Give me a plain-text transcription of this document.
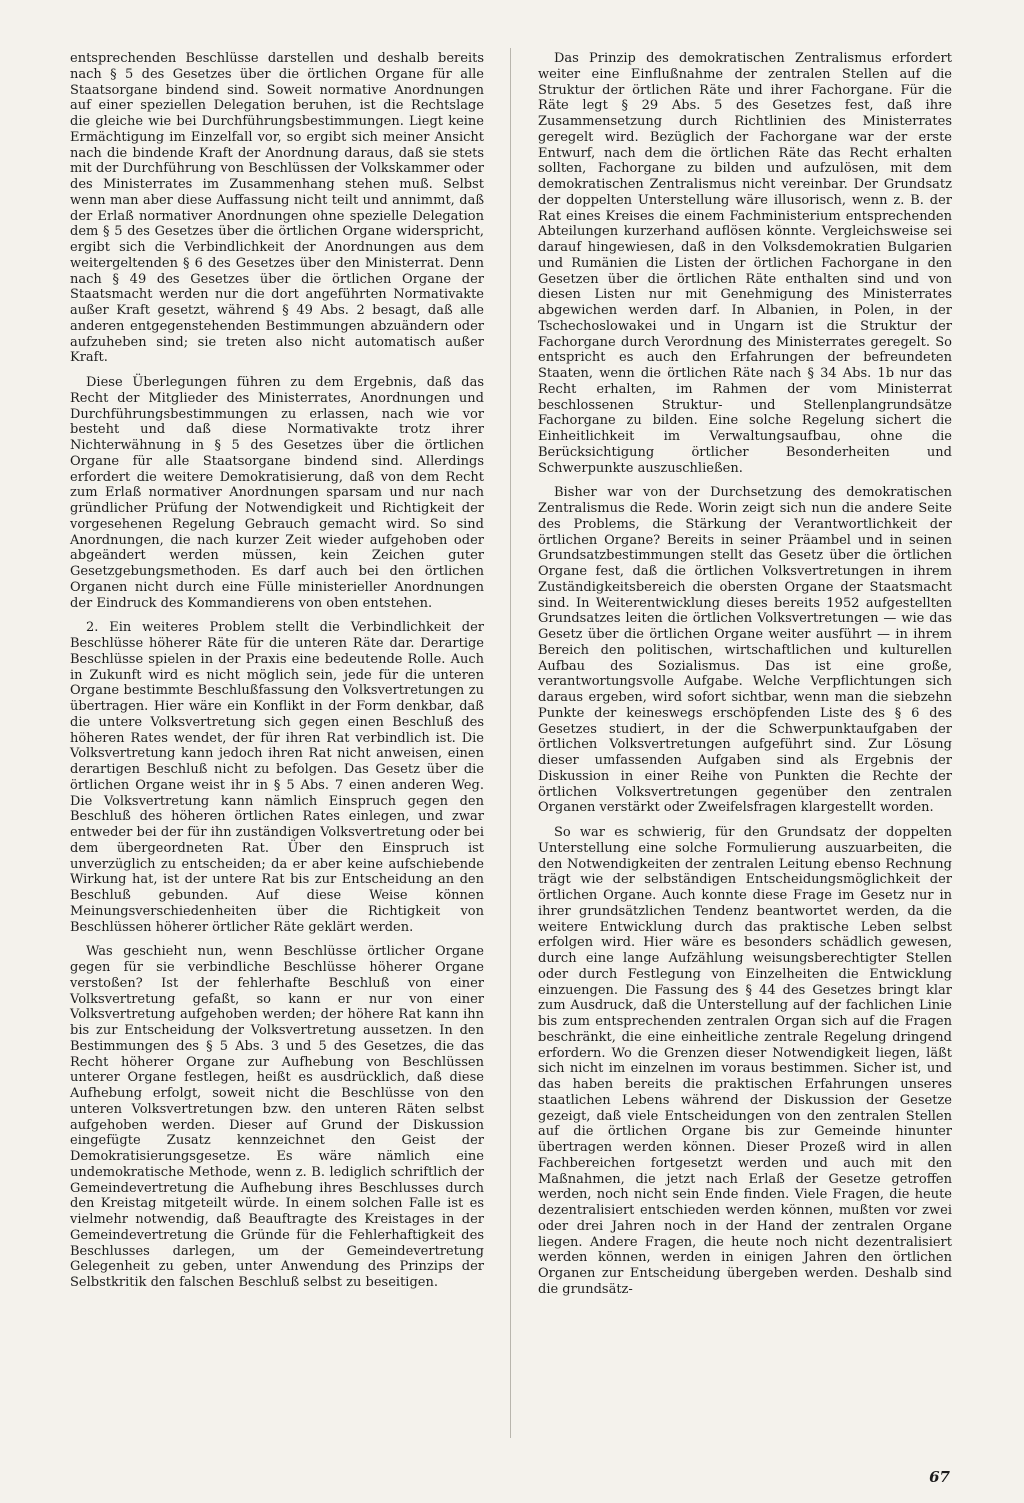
entsprechenden Beschlüsse darstellen und deshalb bereits nach § 5 des Gesetzes über die örtlichen Organe für alle Staatsorgane bindend sind. Soweit normative Anordnungen auf einer speziellen Delegation beruhen, ist die Rechtslage die gleiche wie bei Durchführungsbestimmungen. Liegt keine Ermächtigung im Einzelfall vor, so ergibt sich meiner Ansicht nach die bindende Kraft der Anordnung daraus, daß sie stets mit der Durchführung von Beschlüssen der Volkskammer oder des Ministerrates im Zusammenhang stehen muß. Selbst wenn man aber diese Auffassung nicht teilt und annimmt, daß der Erlaß normativer Anordnungen ohne spezielle Delegation dem § 5 des Gesetzes über die örtlichen Organe widerspricht, ergibt sich die Verbindlichkeit der Anordnungen aus dem weitergeltenden § 6 des Gesetzes über den Ministerrat. Denn nach § 49 des Gesetzes über die örtlichen Organe der Staatsmacht werden nur die dort angeführten Normativakte außer Kraft gesetzt, während § 49 Abs. 2 besagt, daß alle anderen entgegenstehenden Bestimmungen abzuändern oder aufzuheben sind; sie treten also nicht automatisch außer Kraft.

Diese Überlegungen führen zu dem Ergebnis, daß das Recht der Mitglieder des Ministerrates, Anordnungen und Durchführungsbestimmungen zu erlassen, nach wie vor besteht und daß diese Normativakte trotz ihrer Nichterwähnung in § 5 des Gesetzes über die örtlichen Organe für alle Staatsorgane bindend sind. Allerdings erfordert die weitere Demokratisierung, daß von dem Recht zum Erlaß normativer Anordnungen sparsam und nur nach gründlicher Prüfung der Notwendigkeit und Richtigkeit der vorgesehenen Regelung Gebrauch gemacht wird. So sind Anordnungen, die nach kurzer Zeit wieder aufgehoben oder abgeändert werden müssen, kein Zeichen guter Gesetzgebungsmethoden. Es darf auch bei den örtlichen Organen nicht durch eine Fülle ministerieller Anordnungen der Eindruck des Kommandierens von oben entstehen.

2. Ein weiteres Problem stellt die Verbindlichkeit der Beschlüsse höherer Räte für die unteren Räte dar. Derartige Beschlüsse spielen in der Praxis eine bedeutende Rolle. Auch in Zukunft wird es nicht möglich sein, jede für die unteren Organe bestimmte Beschlußfassung den Volksvertretungen zu übertragen. Hier wäre ein Konflikt in der Form denkbar, daß die untere Volksvertretung sich gegen einen Beschluß des höheren Rates wendet, der für ihren Rat verbindlich ist. Die Volksvertretung kann jedoch ihren Rat nicht anweisen, einen derartigen Beschluß nicht zu befolgen. Das Gesetz über die örtlichen Organe weist ihr in § 5 Abs. 7 einen anderen Weg. Die Volksvertretung kann nämlich Einspruch gegen den Beschluß des höheren örtlichen Rates einlegen, und zwar entweder bei der für ihn zuständigen Volksvertretung oder bei dem übergeordneten Rat. Über den Einspruch ist unverzüglich zu entscheiden; da er aber keine aufschiebende Wirkung hat, ist der untere Rat bis zur Entscheidung an den Beschluß gebunden. Auf diese Weise können Meinungsverschiedenheiten über die Richtigkeit von Beschlüssen höherer örtlicher Räte geklärt werden.

Was geschieht nun, wenn Beschlüsse örtlicher Organe gegen für sie verbindliche Beschlüsse höherer Organe verstoßen? Ist der fehlerhafte Beschluß von einer Volksvertretung gefaßt, so kann er nur von einer Volksvertretung aufgehoben werden; der höhere Rat kann ihn bis zur Entscheidung der Volksvertretung aussetzen. In den Bestimmungen des § 5 Abs. 3 und 5 des Gesetzes, die das Recht höherer Organe zur Aufhebung von Beschlüssen unterer Organe festlegen, heißt es ausdrücklich, daß diese Aufhebung erfolgt, soweit nicht die Beschlüsse von den unteren Volksvertretungen bzw. den unteren Räten selbst aufgehoben werden. Dieser auf Grund der Diskussion eingefügte Zusatz kennzeichnet den Geist der Demokratisierungsgesetze. Es wäre nämlich eine undemokratische Methode, wenn z. B. lediglich schriftlich der Gemeindevertretung die Aufhebung ihres Beschlusses durch den Kreistag mitgeteilt würde. In einem solchen Falle ist es vielmehr notwendig, daß Beauftragte des Kreistages in der Gemeindevertretung die Gründe für die Fehlerhaftigkeit des Beschlusses darlegen, um der Gemeindevertretung Gelegenheit zu geben, unter Anwendung des Prinzips der Selbstkritik den falschen Beschluß selbst zu beseitigen.

Das Prinzip des demokratischen Zentralismus erfordert weiter eine Einflußnahme der zentralen Stellen auf die Struktur der örtlichen Räte und ihrer Fachorgane. Für die Räte legt § 29 Abs. 5 des Gesetzes fest, daß ihre Zusammensetzung durch Richtlinien des Ministerrates geregelt wird. Bezüglich der Fachorgane war der erste Entwurf, nach dem die örtlichen Räte das Recht erhalten sollten, Fachorgane zu bilden und aufzulösen, mit dem demokratischen Zentralismus nicht vereinbar. Der Grundsatz der doppelten Unterstellung wäre illusorisch, wenn z. B. der Rat eines Kreises die einem Fachministerium entsprechenden Abteilungen kurzerhand auflösen könnte. Vergleichsweise sei darauf hingewiesen, daß in den Volksdemokratien Bulgarien und Rumänien die Listen der örtlichen Fachorgane in den Gesetzen über die örtlichen Räte enthalten sind und von diesen Listen nur mit Genehmigung des Ministerrates abgewichen werden darf. In Albanien, in Polen, in der Tschechoslowakei und in Ungarn ist die Struktur der Fachorgane durch Verordnung des Ministerrates geregelt. So entspricht es auch den Erfahrungen der befreundeten Staaten, wenn die örtlichen Räte nach § 34 Abs. 1b nur das Recht erhalten, im Rahmen der vom Ministerrat beschlossenen Struktur- und Stellenplangrundsätze Fachorgane zu bilden. Eine solche Regelung sichert die Einheitlichkeit im Verwaltungsaufbau, ohne die Berücksichtigung örtlicher Besonderheiten und Schwerpunkte auszuschließen.

Bisher war von der Durchsetzung des demokratischen Zentralismus die Rede. Worin zeigt sich nun die andere Seite des Problems, die Stärkung der Verantwortlichkeit der örtlichen Organe? Bereits in seiner Präambel und in seinen Grundsatzbestimmungen stellt das Gesetz über die örtlichen Organe fest, daß die örtlichen Volksvertretungen in ihrem Zuständigkeitsbereich die obersten Organe der Staatsmacht sind. In Weiterentwicklung dieses bereits 1952 aufgestellten Grundsatzes leiten die örtlichen Volksvertretungen — wie das Gesetz über die örtlichen Organe weiter ausführt — in ihrem Bereich den politischen, wirtschaftlichen und kulturellen Aufbau des Sozialismus. Das ist eine große, verantwortungsvolle Aufgabe. Welche Verpflichtungen sich daraus ergeben, wird sofort sichtbar, wenn man die siebzehn Punkte der keineswegs erschöpfenden Liste des § 6 des Gesetzes studiert, in der die Schwerpunktaufgaben der örtlichen Volksvertretungen aufgeführt sind. Zur Lösung dieser umfassenden Aufgaben sind als Ergebnis der Diskussion in einer Reihe von Punkten die Rechte der örtlichen Volksvertretungen gegenüber den zentralen Organen verstärkt oder Zweifelsfragen klargestellt worden.

So war es schwierig, für den Grundsatz der doppelten Unterstellung eine solche Formulierung auszuarbeiten, die den Notwendigkeiten der zentralen Leitung ebenso Rechnung trägt wie der selbständigen Entscheidungsmöglichkeit der örtlichen Organe. Auch konnte diese Frage im Gesetz nur in ihrer grundsätzlichen Tendenz beantwortet werden, da die weitere Entwicklung durch das praktische Leben selbst erfolgen wird. Hier wäre es besonders schädlich gewesen, durch eine lange Aufzählung weisungsberechtigter Stellen oder durch Festlegung von Einzelheiten die Entwicklung einzuengen. Die Fassung des § 44 des Gesetzes bringt klar zum Ausdruck, daß die Unterstellung auf der fachlichen Linie bis zum entsprechenden zentralen Organ sich auf die Fragen beschränkt, die eine einheitliche zentrale Regelung dringend erfordern. Wo die Grenzen dieser Notwendigkeit liegen, läßt sich nicht im einzelnen im voraus bestimmen. Sicher ist, und das haben bereits die praktischen Erfahrungen unseres staatlichen Lebens während der Diskussion der Gesetze gezeigt, daß viele Entscheidungen von den zentralen Stellen auf die örtlichen Organe bis zur Gemeinde hinunter übertragen werden können. Dieser Prozeß wird in allen Fachbereichen fortgesetzt werden und auch mit den Maßnahmen, die jetzt nach Erlaß der Gesetze getroffen werden, noch nicht sein Ende finden. Viele Fragen, die heute dezentralisiert entschieden werden können, mußten vor zwei oder drei Jahren noch in der Hand der zentralen Organe liegen. Andere Fragen, die heute noch nicht dezentralisiert werden können, werden in einigen Jahren den örtlichen Organen zur Entscheidung übergeben werden. Deshalb sind die grundsätz-

67
